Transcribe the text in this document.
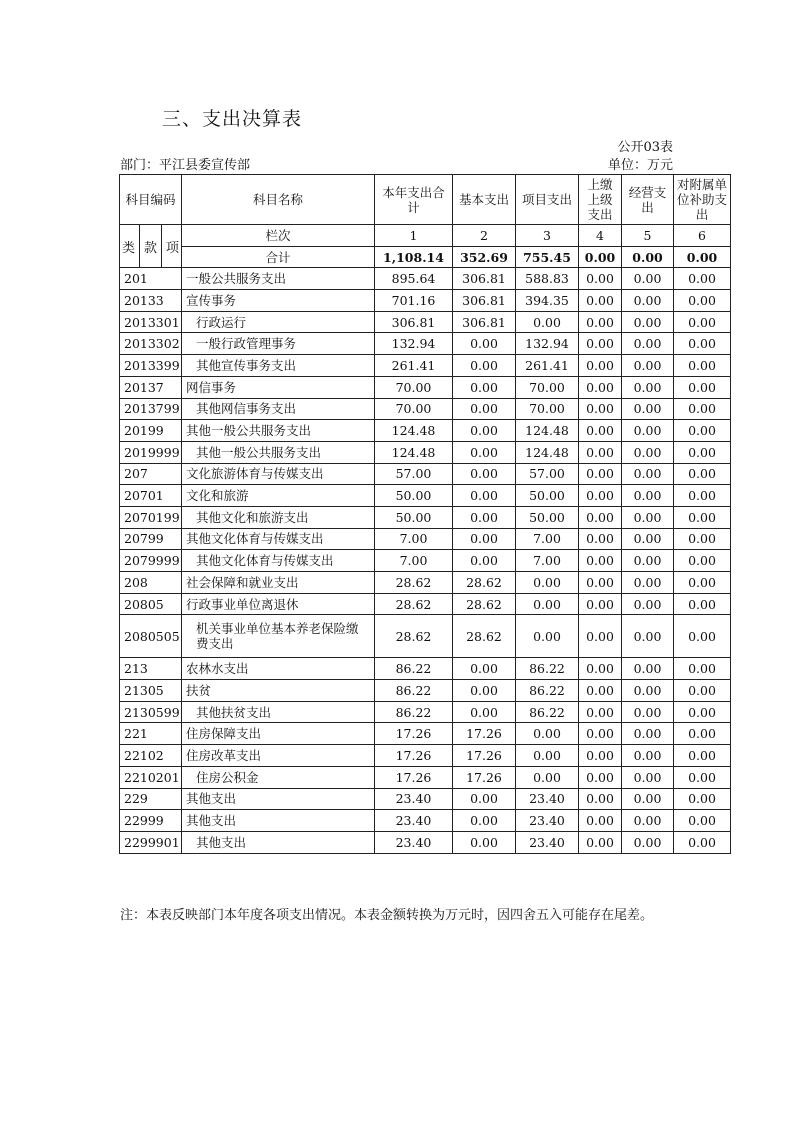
三、支出决算表
公开03表
部门：平江县委宣传部	单位：万元
科目编码	科目名称	本年支出合计	基本支出	项目支出	上缴上级支出	经营支出	对附属单位补助支出

类 款 项	栏次	1	2	3	4	5	6
	合计	1,108.14	352.69	755.45	0.00	0.00	0.00
201	一般公共服务支出	895.64	306.81	588.83	0.00	0.00	0.00
20133	宣传事务	701.16	306.81	394.35	0.00	0.00	0.00
2013301	行政运行	306.81	306.81	0.00	0.00	0.00	0.00
2013302	一般行政管理事务	132.94	0.00	132.94	0.00	0.00	0.00
2013399	其他宣传事务支出	261.41	0.00	261.41	0.00	0.00	0.00
20137	网信事务	70.00	0.00	70.00	0.00	0.00	0.00
2013799	其他网信事务支出	70.00	0.00	70.00	0.00	0.00	0.00
20199	其他一般公共服务支出	124.48	0.00	124.48	0.00	0.00	0.00
2019999	其他一般公共服务支出	124.48	0.00	124.48	0.00	0.00	0.00
207	文化旅游体育与传媒支出	57.00	0.00	57.00	0.00	0.00	0.00
20701	文化和旅游	50.00	0.00	50.00	0.00	0.00	0.00
2070199	其他文化和旅游支出	50.00	0.00	50.00	0.00	0.00	0.00
20799	其他文化体育与传媒支出	7.00	0.00	7.00	0.00	0.00	0.00
2079999	其他文化体育与传媒支出	7.00	0.00	7.00	0.00	0.00	0.00
208	社会保障和就业支出	28.62	28.62	0.00	0.00	0.00	0.00
20805	行政事业单位离退休	28.62	28.62	0.00	0.00	0.00	0.00
2080505	机关事业单位基本养老保险缴费支出	28.62	28.62	0.00	0.00	0.00	0.00
213	农林水支出	86.22	0.00	86.22	0.00	0.00	0.00
21305	扶贫	86.22	0.00	86.22	0.00	0.00	0.00
2130599	其他扶贫支出	86.22	0.00	86.22	0.00	0.00	0.00
221	住房保障支出	17.26	17.26	0.00	0.00	0.00	0.00
22102	住房改革支出	17.26	17.26	0.00	0.00	0.00	0.00
2210201	住房公积金	17.26	17.26	0.00	0.00	0.00	0.00
229	其他支出	23.40	0.00	23.40	0.00	0.00	0.00
22999	其他支出	23.40	0.00	23.40	0.00	0.00	0.00
2299901	其他支出	23.40	0.00	23.40	0.00	0.00	0.00
注：本表反映部门本年度各项支出情况。本表金额转换为万元时，因四舍五入可能存在尾差。
